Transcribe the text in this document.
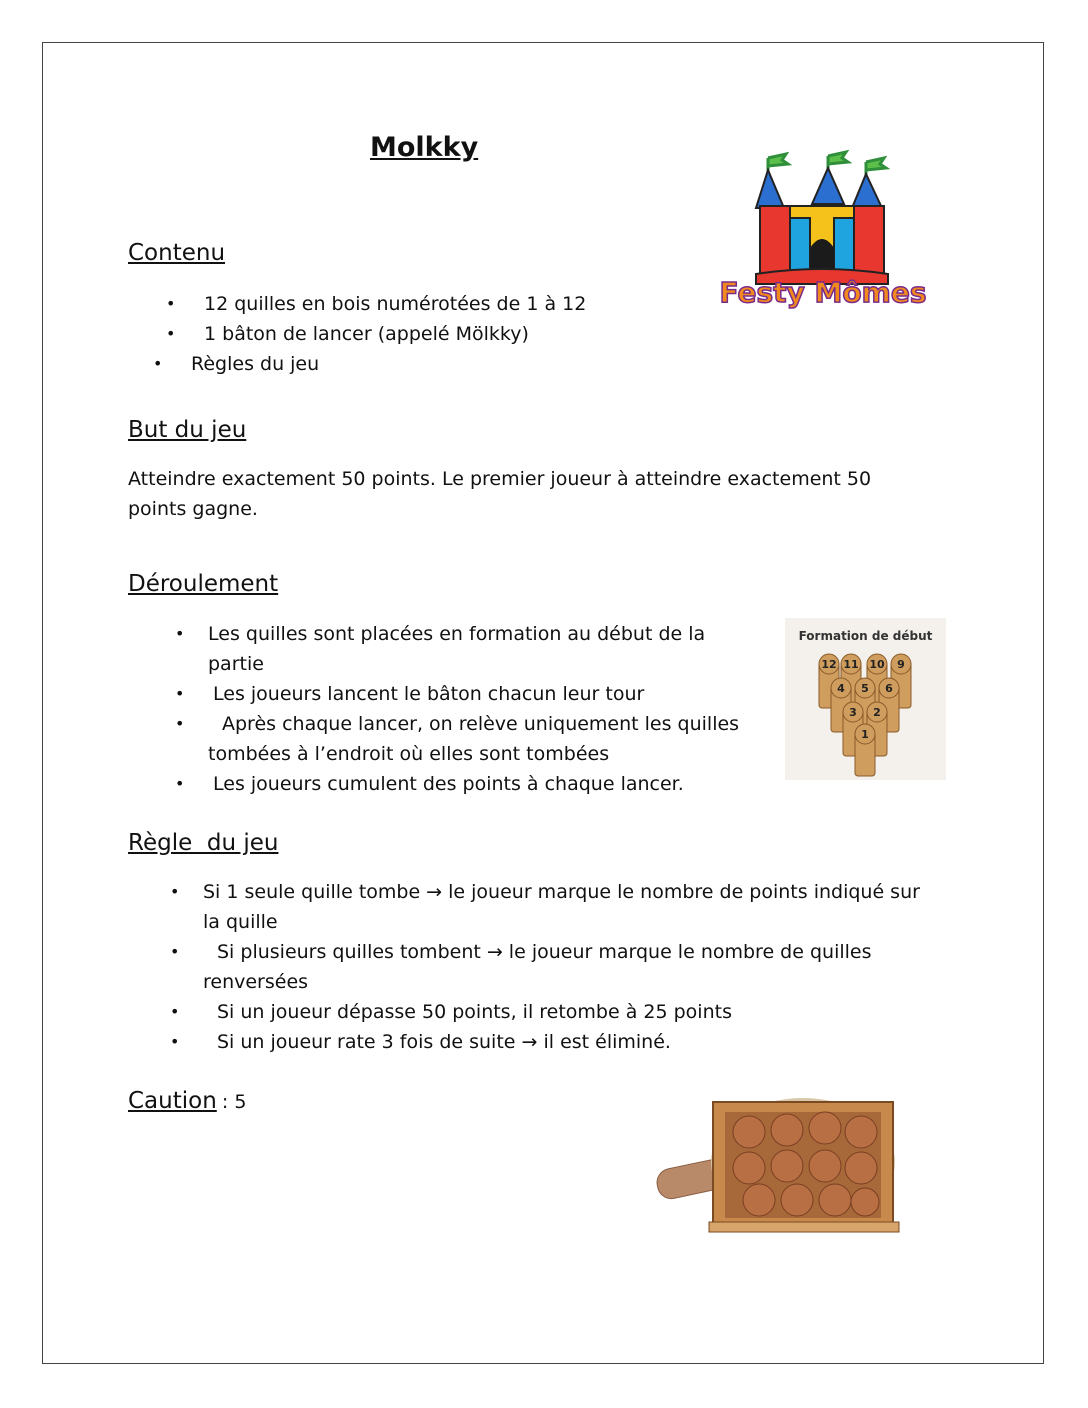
Molkky
Festy Mômes
Contenu
• 12 quilles en bois numérotées de 1 à 12
• 1 bâton de lancer (appelé Mölkky)
• Règles du jeu
But du jeu
Atteindre exactement 50 points. Le premier joueur à atteindre exactement 50
points gagne.
Déroulement
• Les quilles sont placées en formation au début de la
partie
• Les joueurs lancent le bâton chacun leur tour
• Après chaque lancer, on relève uniquement les quilles
tombées à l’endroit où elles sont tombées
• Les joueurs cumulent des points à chaque lancer.
Formation de début
12 11 10 9
4 5 6
3 2
1
Règle  du jeu
• Si 1 seule quille tombe → le joueur marque le nombre de points indiqué sur
la quille
• Si plusieurs quilles tombent → le joueur marque le nombre de quilles
renversées
• Si un joueur dépasse 50 points, il retombe à 25 points
• Si un joueur rate 3 fois de suite → il est éliminé.
Caution : 5
